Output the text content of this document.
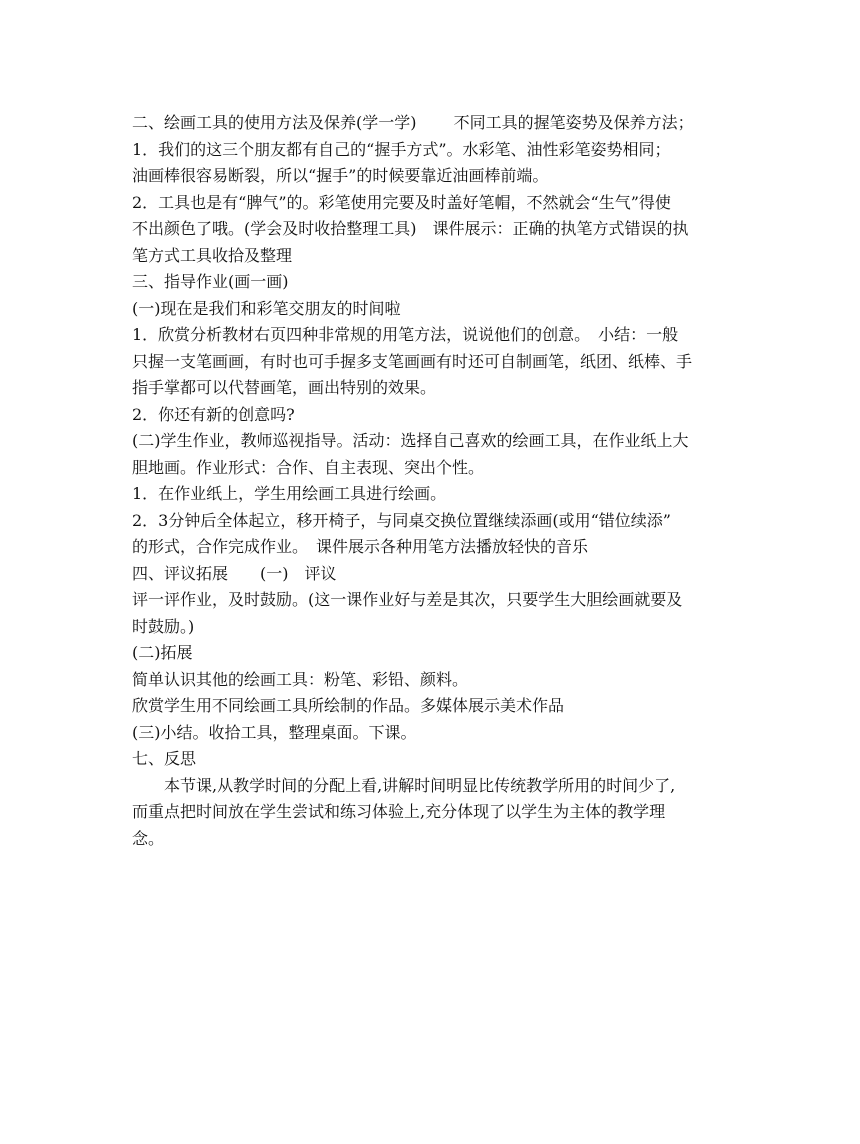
二、绘画工具的使用方法及保养(学一学)　　 不同工具的握笔姿势及保养方法；
1．我们的这三个朋友都有自己的“握手方式”。水彩笔、油性彩笔姿势相同；
油画棒很容易断裂，所以“握手”的时候要靠近油画棒前端。
2．工具也是有“脾气”的。彩笔使用完要及时盖好笔帽，不然就会“生气”得使
不出颜色了哦。(学会及时收拾整理工具)　课件展示：正确的执笔方式错误的执
笔方式工具收拾及整理
三、指导作业(画一画)
(一)现在是我们和彩笔交朋友的时间啦
1．欣赏分析教材右页四种非常规的用笔方法，说说他们的创意。　小结：一般
只握一支笔画画，有时也可手握多支笔画画有时还可自制画笔，纸团、纸棒、手
指手掌都可以代替画笔，画出特别的效果。
2．你还有新的创意吗?
(二)学生作业，教师巡视指导。活动：选择自己喜欢的绘画工具，在作业纸上大
胆地画。作业形式：合作、自主表现、突出个性。
1．在作业纸上，学生用绘画工具进行绘画。
2．3分钟后全体起立，移开椅子，与同桌交换位置继续添画(或用“错位续添”
的形式，合作完成作业。　课件展示各种用笔方法播放轻快的音乐
四、评议拓展　　(一)　评议
评一评作业，及时鼓励。(这一课作业好与差是其次，只要学生大胆绘画就要及
时鼓励。)
(二)拓展
简单认识其他的绘画工具：粉笔、彩铅、颜料。
欣赏学生用不同绘画工具所绘制的作品。多媒体展示美术作品
(三)小结。收拾工具，整理桌面。下课。
七、反思
本节课,从教学时间的分配上看,讲解时间明显比传统教学所用的时间少了,
而重点把时间放在学生尝试和练习体验上,充分体现了以学生为主体的教学理
念。
